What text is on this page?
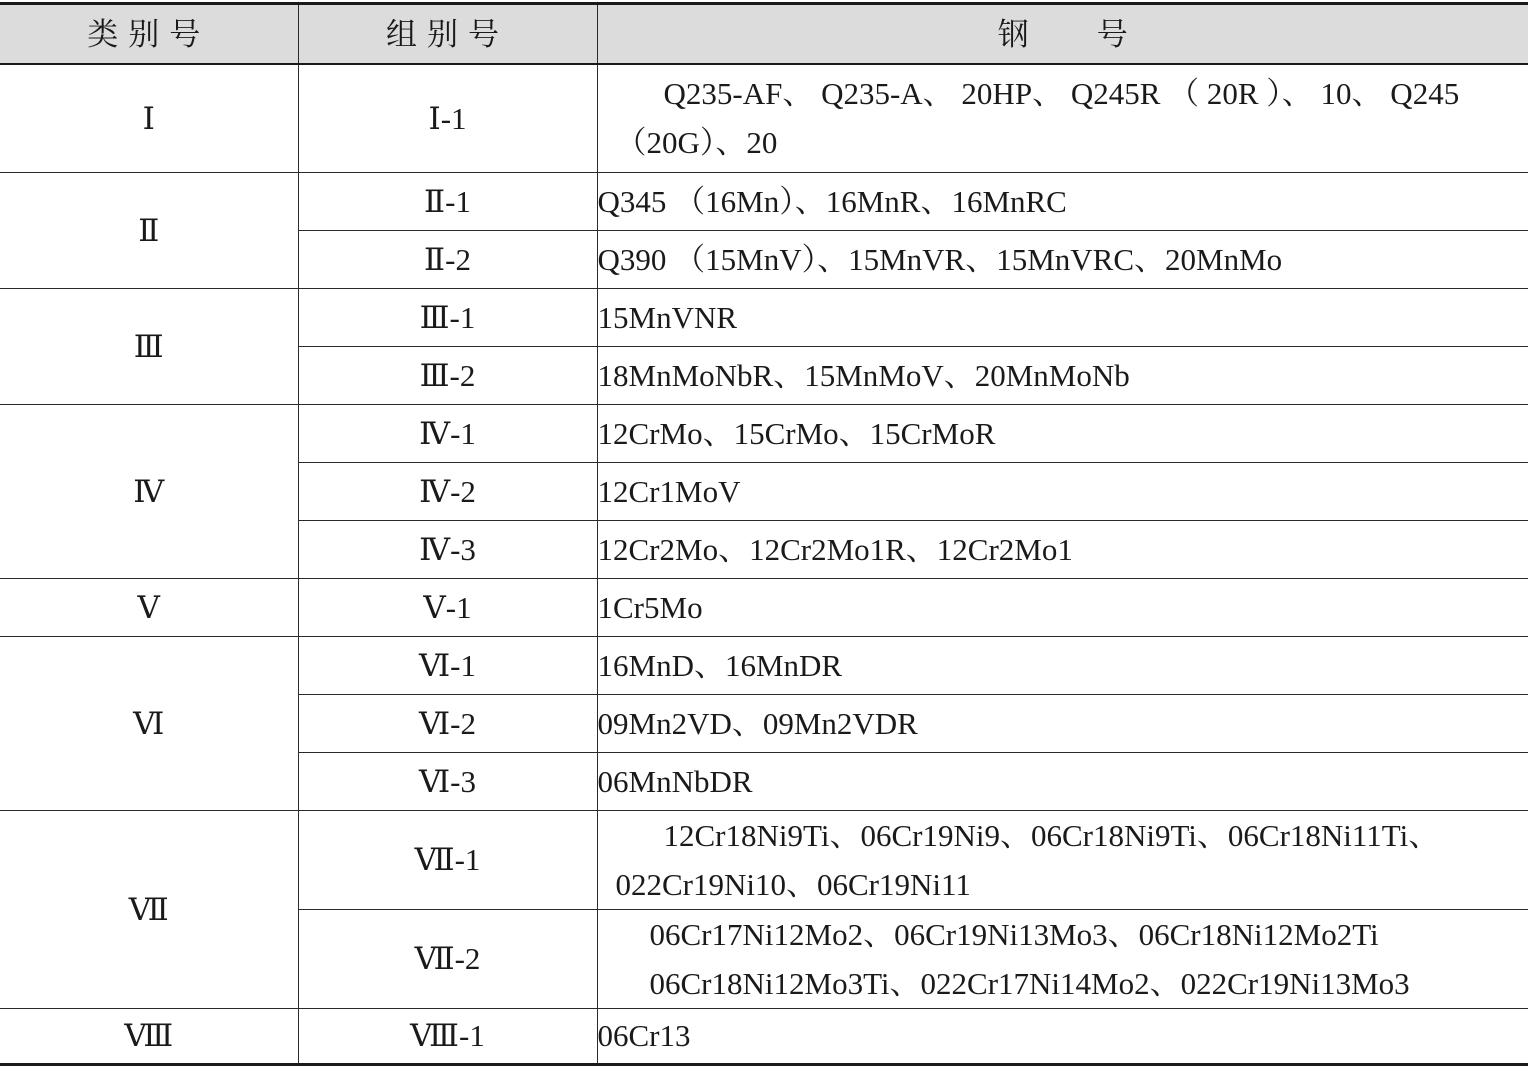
类别号	组别号	钢号
Ⅰ	Ⅰ-1	Q235-AF、 Q235-A、 20HP、 Q245R （ 20R ）、 10、 Q245（20G）、20
Ⅱ	Ⅱ-1	Q345 （16Mn）、16MnR、16MnRC
	Ⅱ-2	Q390 （15MnV）、15MnVR、15MnVRC、20MnMo
Ⅲ	Ⅲ-1	15MnVNR
	Ⅲ-2	18MnMoNbR、15MnMoV、20MnMoNb
Ⅳ	Ⅳ-1	12CrMo、15CrMo、15CrMoR
	Ⅳ-2	12Cr1MoV
	Ⅳ-3	12Cr2Mo、12Cr2Mo1R、12Cr2Mo1
Ⅴ	Ⅴ-1	1Cr5Mo
Ⅵ	Ⅵ-1	16MnD、16MnDR
	Ⅵ-2	09Mn2VD、09Mn2VDR
	Ⅵ-3	06MnNbDR
Ⅶ	Ⅶ-1	12Cr18Ni9Ti、06Cr19Ni9、06Cr18Ni9Ti、06Cr18Ni11Ti、022Cr19Ni10、06Cr19Ni11
	Ⅶ-2	06Cr17Ni12Mo2、06Cr19Ni13Mo3、06Cr18Ni12Mo2Ti
06Cr18Ni12Mo3Ti、022Cr17Ni14Mo2、022Cr19Ni13Mo3

Ⅷ	Ⅷ-1	06Cr13
